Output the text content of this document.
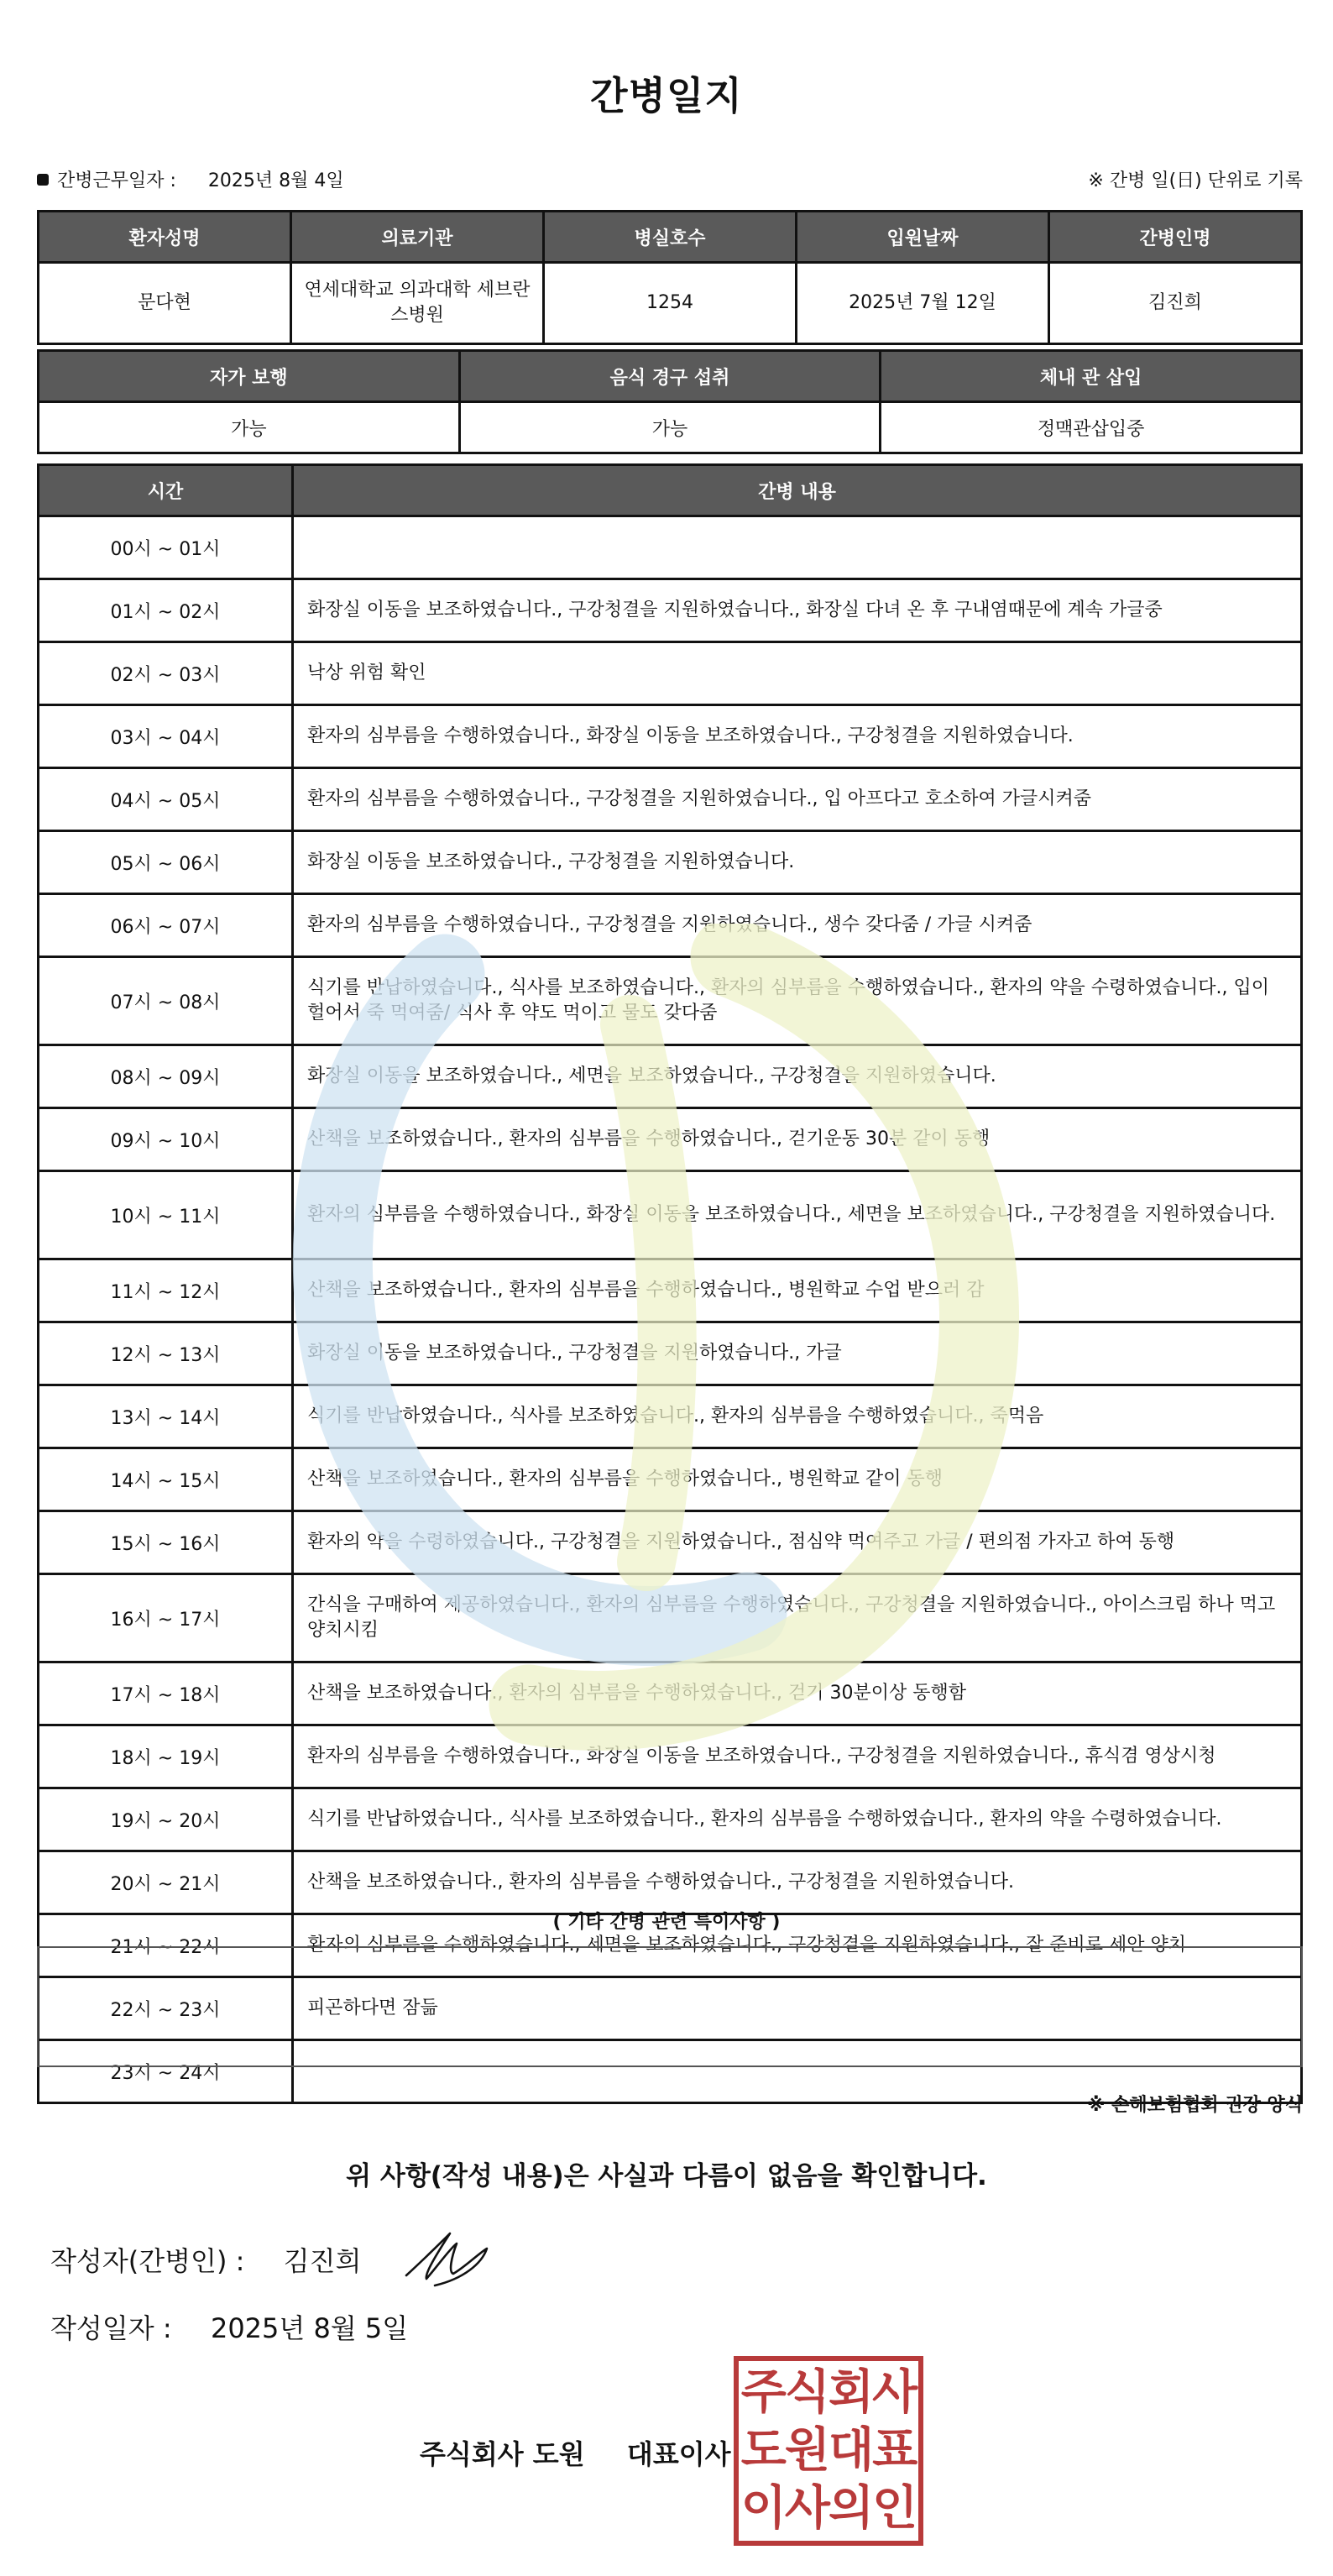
간병일지
간병근무일자 : 2025년 8월 4일	※ 간병 일(日) 단위로 기록
환자성명	의료기관	병실호수	입원날짜	간병인명
문다현	연세대학교 의과대학 세브란스병원	1254	2025년 7월 12일	김진희
자가 보행	음식 경구 섭취	체내 관 삽입
가능	가능	정맥관삽입중
시간	간병 내용
00시 ~ 01시	
01시 ~ 02시	화장실 이동을 보조하였습니다., 구강청결을 지원하였습니다., 화장실 다녀 온 후 구내염때문에 계속 가글중
02시 ~ 03시	낙상 위험 확인
03시 ~ 04시	환자의 심부름을 수행하였습니다., 화장실 이동을 보조하였습니다., 구강청결을 지원하였습니다.
04시 ~ 05시	환자의 심부름을 수행하였습니다., 구강청결을 지원하였습니다., 입 아프다고 호소하여 가글시켜줌
05시 ~ 06시	화장실 이동을 보조하였습니다., 구강청결을 지원하였습니다.
06시 ~ 07시	환자의 심부름을 수행하였습니다., 구강청결을 지원하였습니다., 생수 갖다줌 / 가글 시켜줌
07시 ~ 08시	식기를 반납하였습니다., 식사를 보조하였습니다., 환자의 심부름을 수행하였습니다., 환자의 약을 수령하였습니다., 입이 헐어서 죽 먹여줌/ 식사 후 약도 먹이고 물도 갖다줌
08시 ~ 09시	화장실 이동을 보조하였습니다., 세면을 보조하였습니다., 구강청결을 지원하였습니다.
09시 ~ 10시	산책을 보조하였습니다., 환자의 심부름을 수행하였습니다., 걷기운동 30분 같이 동행
10시 ~ 11시	환자의 심부름을 수행하였습니다., 화장실 이동을 보조하였습니다., 세면을 보조하였습니다., 구강청결을 지원하였습니다.
11시 ~ 12시	산책을 보조하였습니다., 환자의 심부름을 수행하였습니다., 병원학교 수업 받으러 감
12시 ~ 13시	화장실 이동을 보조하였습니다., 구강청결을 지원하였습니다., 가글
13시 ~ 14시	식기를 반납하였습니다., 식사를 보조하였습니다., 환자의 심부름을 수행하였습니다., 죽먹음
14시 ~ 15시	산책을 보조하였습니다., 환자의 심부름을 수행하였습니다., 병원학교 같이 동행
15시 ~ 16시	환자의 약을 수령하였습니다., 구강청결을 지원하였습니다., 점심약 먹여주고 가글 / 편의점 가자고 하여 동행
16시 ~ 17시	간식을 구매하여 제공하였습니다., 환자의 심부름을 수행하였습니다., 구강청결을 지원하였습니다., 아이스크림 하나 먹고 양치시킴
17시 ~ 18시	산책을 보조하였습니다., 환자의 심부름을 수행하였습니다., 걷기 30분이상 동행함
18시 ~ 19시	환자의 심부름을 수행하였습니다., 화장실 이동을 보조하였습니다., 구강청결을 지원하였습니다., 휴식겸 영상시청
19시 ~ 20시	식기를 반납하였습니다., 식사를 보조하였습니다., 환자의 심부름을 수행하였습니다., 환자의 약을 수령하였습니다.
20시 ~ 21시	산책을 보조하였습니다., 환자의 심부름을 수행하였습니다., 구강청결을 지원하였습니다.
21시 ~ 22시	환자의 심부름을 수행하였습니다., 세면을 보조하였습니다., 구강청결을 지원하였습니다., 잘 준비로 세안 양치
22시 ~ 23시	피곤하다면 잠듦
23시 ~ 24시	
( 기타 간병 관련 특이사항 )
※ 손해보험협회 권장 양식
위 사항(작성 내용)은 사실과 다름이 없음을 확인합니다.
작성자(간병인) : 김진희
작성일자 : 2025년 8월 5일
주식회사 도원 대표이사
주식회사
도원대표
이사의인
